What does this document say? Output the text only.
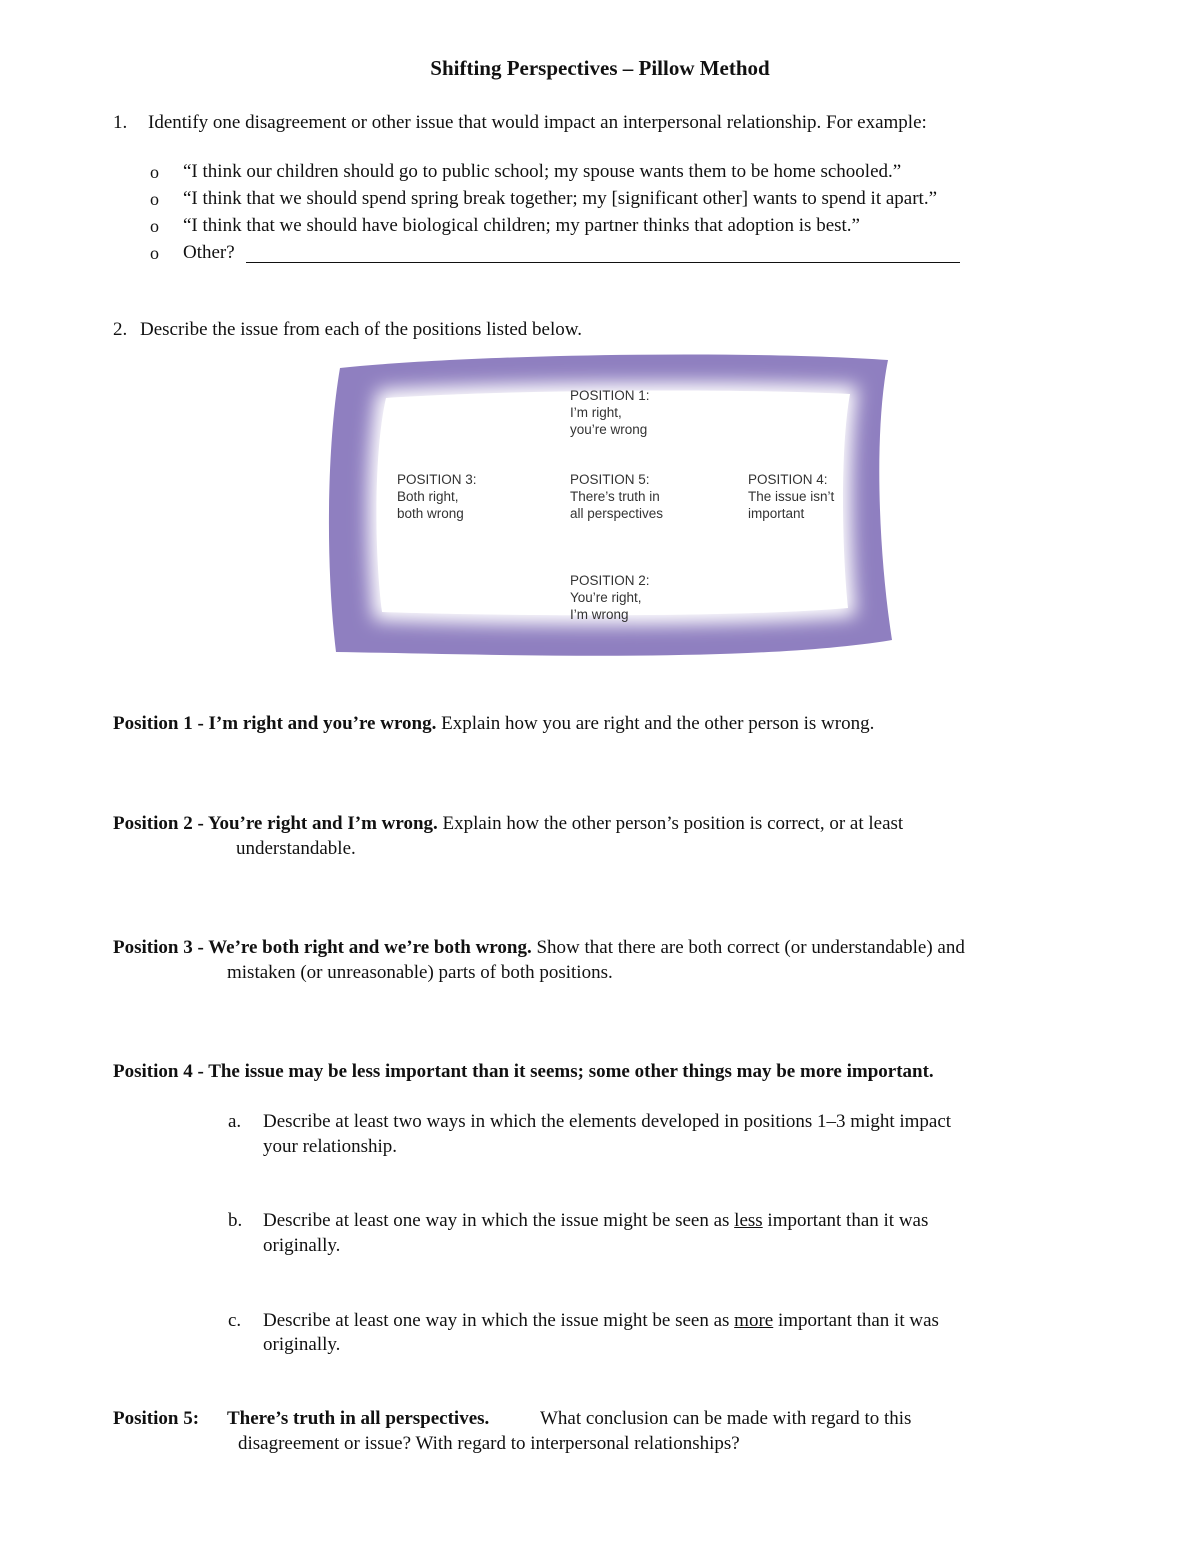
Shifting Perspectives – Pillow Method
1. Identify one disagreement or other issue that would impact an interpersonal relationship. For example:
o “I think our children should go to public school; my spouse wants them to be home schooled.”
o “I think that we should spend spring break together; my [significant other] wants to spend it apart.”
o “I think that we should have biological children; my partner thinks that adoption is best.”
o Other?
2. Describe the issue from each of the positions listed below.
POSITION 1:
I’m right,
you’re wrong
POSITION 3:
Both right,
both wrong
POSITION 5:
There’s truth in
all perspectives
POSITION 4:
The issue isn’t
important
POSITION 2:
You’re right,
I’m wrong
Position 1 - I’m right and you’re wrong. Explain how you are right and the other person is wrong.
Position 2 - You’re right and I’m wrong. Explain how the other person’s position is correct, or at least
understandable.
Position 3 - We’re both right and we’re both wrong. Show that there are both correct (or understandable) and
mistaken (or unreasonable) parts of both positions.
Position 4 - The issue may be less important than it seems; some other things may be more important.
a. Describe at least two ways in which the elements developed in positions 1–3 might impact
your relationship.
b. Describe at least one way in which the issue might be seen as less important than it was
originally.
c. Describe at least one way in which the issue might be seen as more important than it was
originally.
Position 5: There’s truth in all perspectives.	What conclusion can be made with regard to this
disagreement or issue? With regard to interpersonal relationships?
